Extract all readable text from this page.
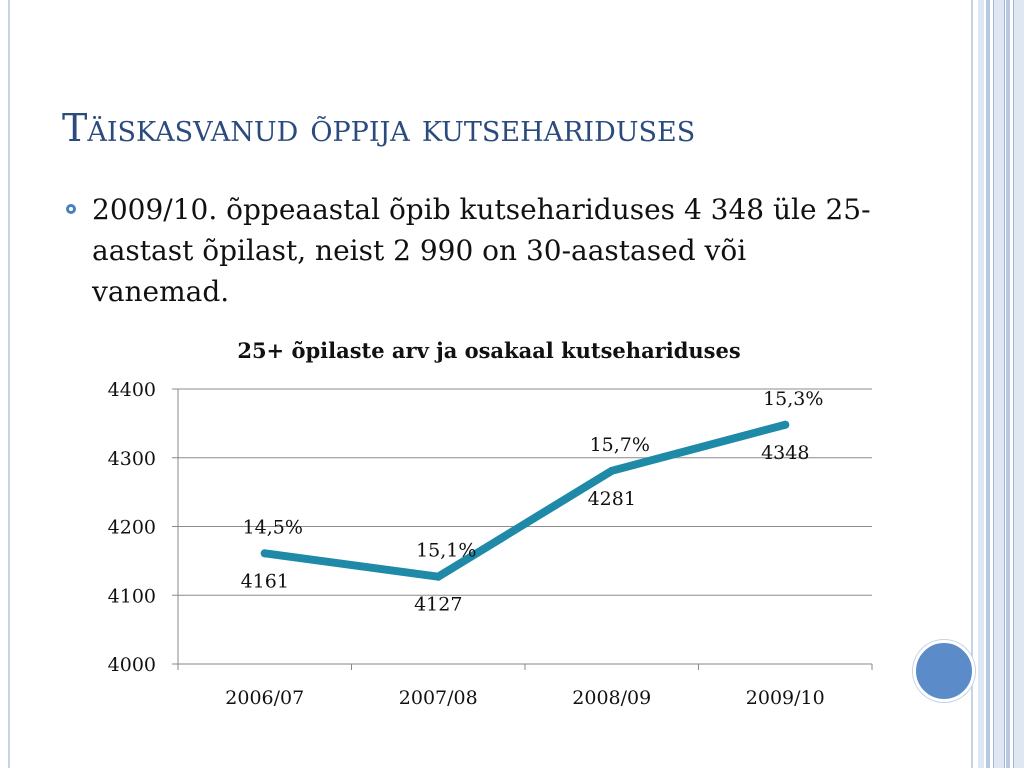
Täiskasvanud õppija kutsehariduses
2009/10. õppeaastal õpib kutsehariduses 4 348 üle 25-aastast õpilast, neist 2 990 on 30-aastased või vanemad.
25+ õpilaste arv ja osakaal kutsehariduses
4000
4100
4200
4300
4400
2006/07	2007/08	2008/09	2009/10
4161
14,5%
4127
15,1%
4281
15,7%	4348
15,3%
